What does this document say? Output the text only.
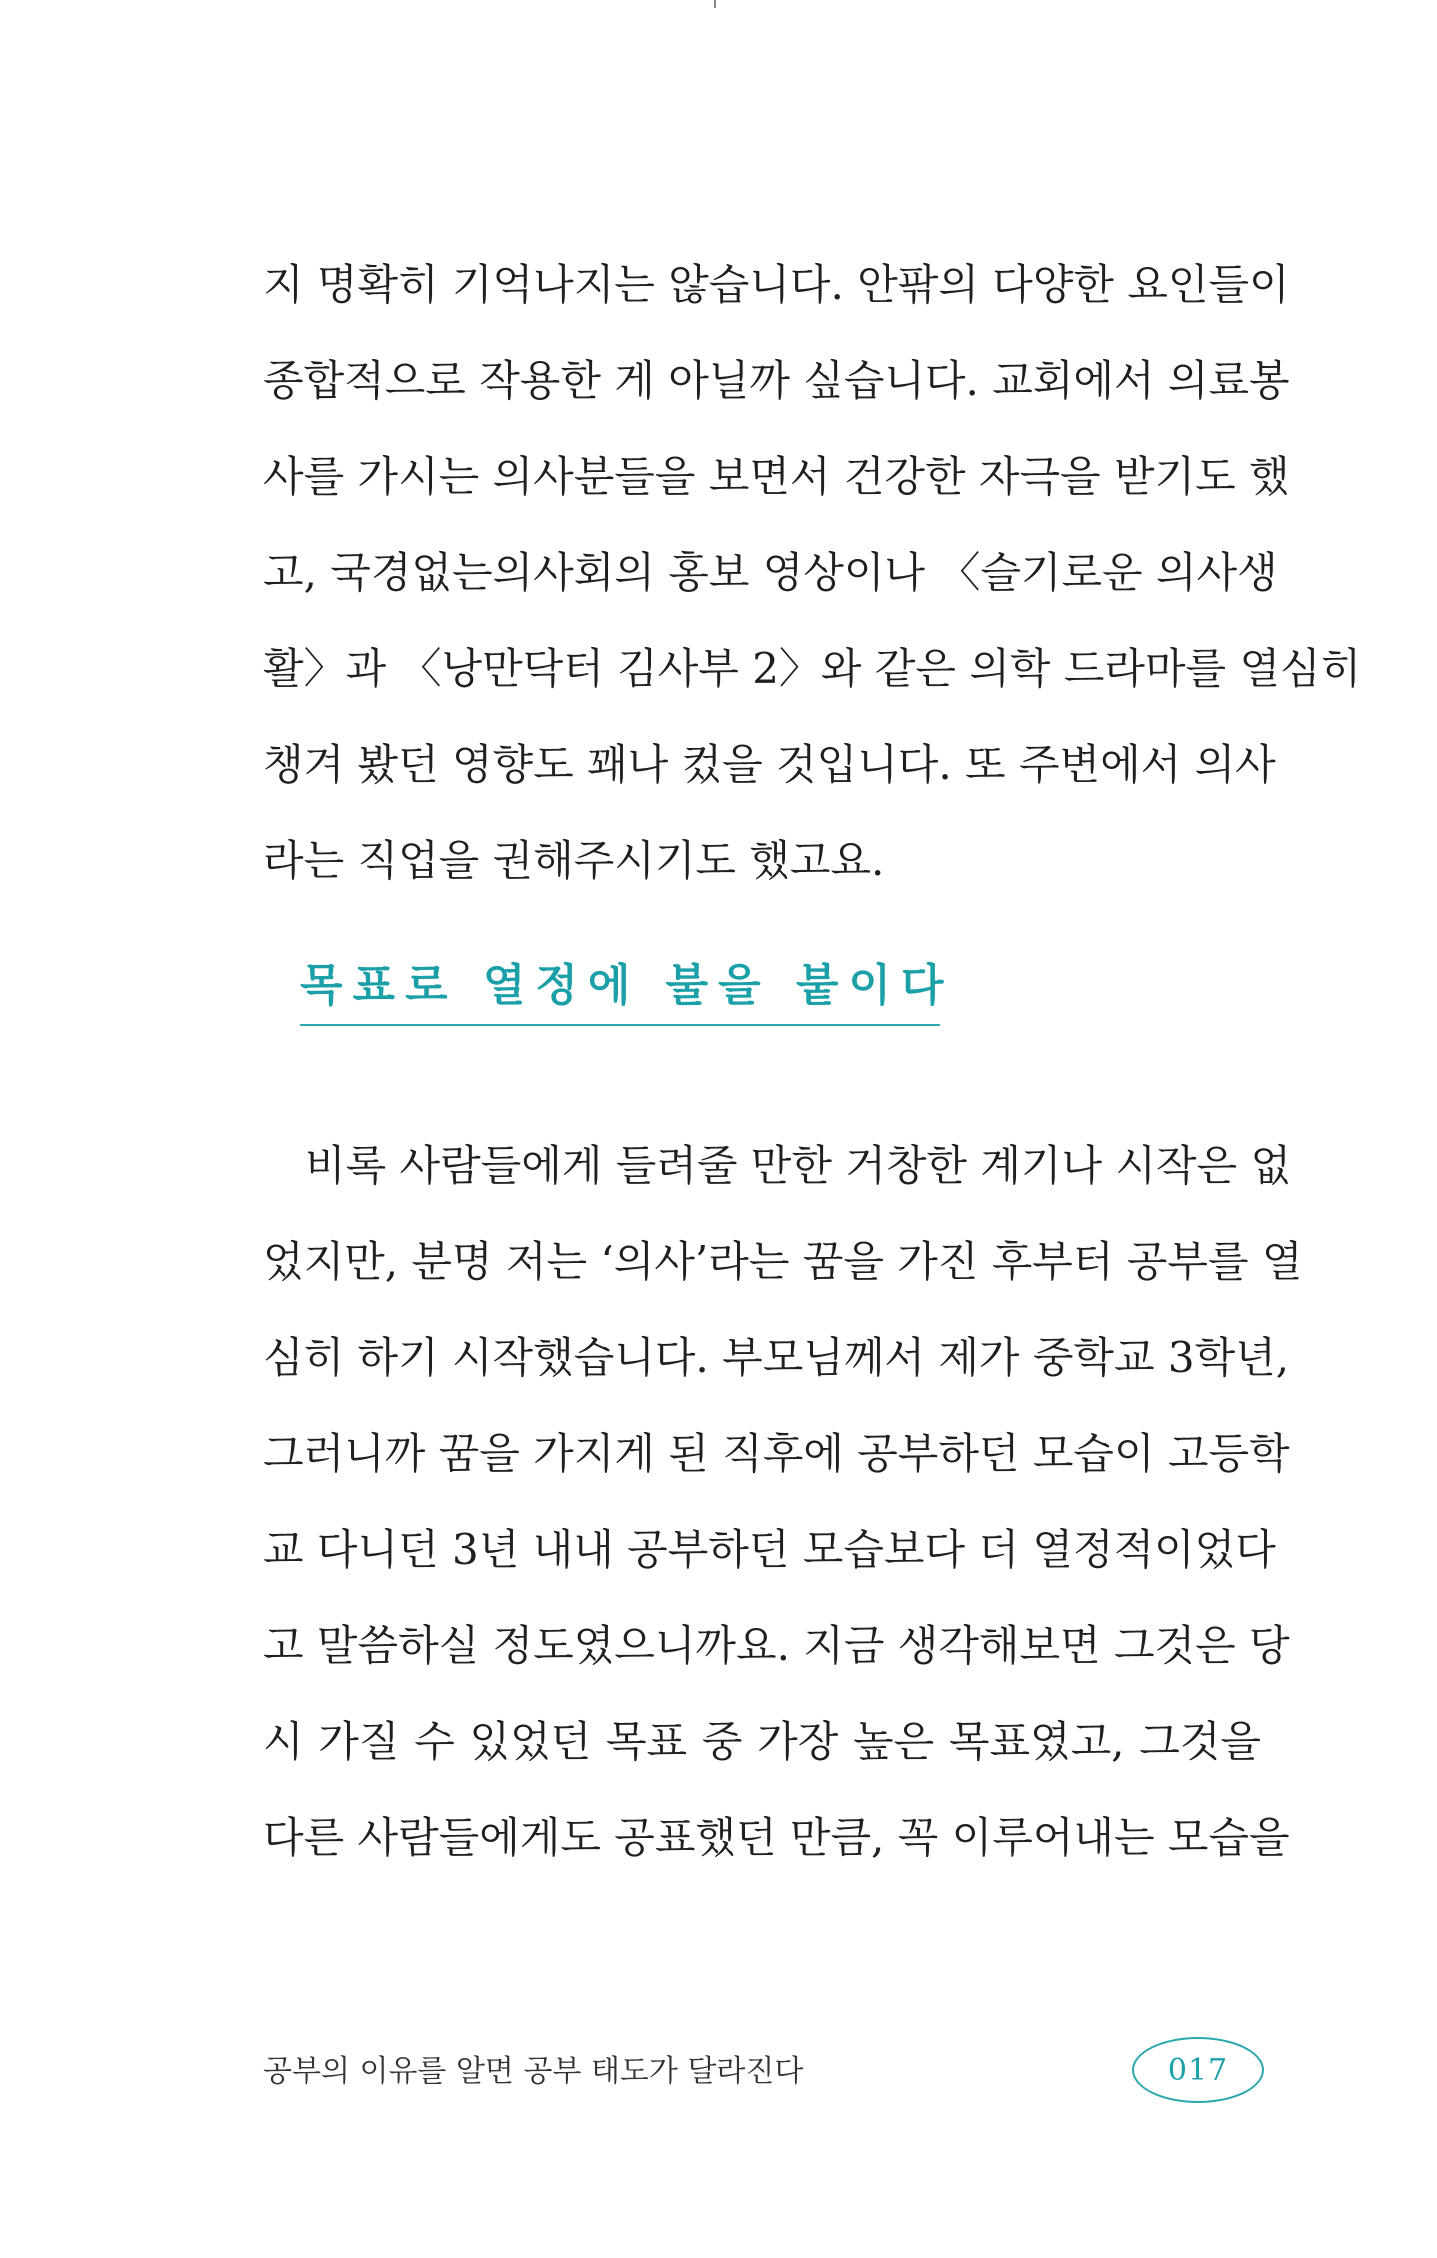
지 명확히 기억나지는 않습니다. 안팎의 다양한 요인들이
종합적으로 작용한 게 아닐까 싶습니다. 교회에서 의료봉
사를 가시는 의사분들을 보면서 건강한 자극을 받기도 했
고, 국경없는의사회의 홍보 영상이나 〈슬기로운 의사생
활〉과 〈낭만닥터 김사부 2〉와 같은 의학 드라마를 열심히
챙겨 봤던 영향도 꽤나 컸을 것입니다. 또 주변에서 의사
라는 직업을 권해주시기도 했고요.
목표로 열정에 불을 붙이다
비록 사람들에게 들려줄 만한 거창한 계기나 시작은 없
었지만, 분명 저는 ‘의사’라는 꿈을 가진 후부터 공부를 열
심히 하기 시작했습니다. 부모님께서 제가 중학교 3학년,
그러니까 꿈을 가지게 된 직후에 공부하던 모습이 고등학
교 다니던 3년 내내 공부하던 모습보다 더 열정적이었다
고 말씀하실 정도였으니까요. 지금 생각해보면 그것은 당
시 가질 수 있었던 목표 중 가장 높은 목표였고, 그것을
다른 사람들에게도 공표했던 만큼, 꼭 이루어내는 모습을
공부의 이유를 알면 공부 태도가 달라진다	017
